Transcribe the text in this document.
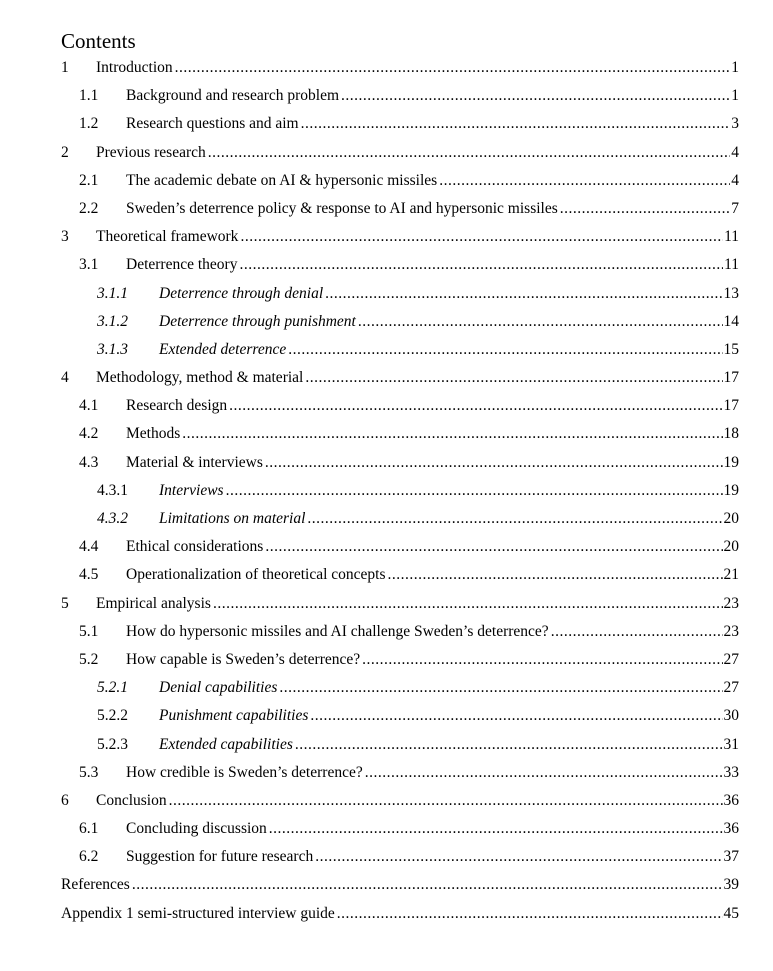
Contents
1 Introduction .....	1
1.1 Background and research problem .....	1
1.2 Research questions and aim .....	3
2 Previous research .....	4
2.1 The academic debate on AI & hypersonic missiles .....	4
2.2 Sweden’s deterrence policy & response to AI and hypersonic missiles .....	7
3 Theoretical framework .....	11
3.1 Deterrence theory .....	11
3.1.1 Deterrence through denial .....	13
3.1.2 Deterrence through punishment .....	14
3.1.3 Extended deterrence .....	15
4 Methodology, method & material .....	17
4.1 Research design .....	17
4.2 Methods .....	18
4.3 Material & interviews .....	19
4.3.1 Interviews .....	19
4.3.2 Limitations on material .....	20
4.4 Ethical considerations .....	20
4.5 Operationalization of theoretical concepts .....	21
5 Empirical analysis .....	23
5.1 How do hypersonic missiles and AI challenge Sweden’s deterrence? .....	23
5.2 How capable is Sweden’s deterrence? .....	27
5.2.1 Denial capabilities .....	27
5.2.2 Punishment capabilities .....	30
5.2.3 Extended capabilities .....	31
5.3 How credible is Sweden’s deterrence? .....	33
6 Conclusion .....	36
6.1 Concluding discussion .....	36
6.2 Suggestion for future research .....	37
References .....	39
Appendix 1 semi-structured interview guide .....	45
